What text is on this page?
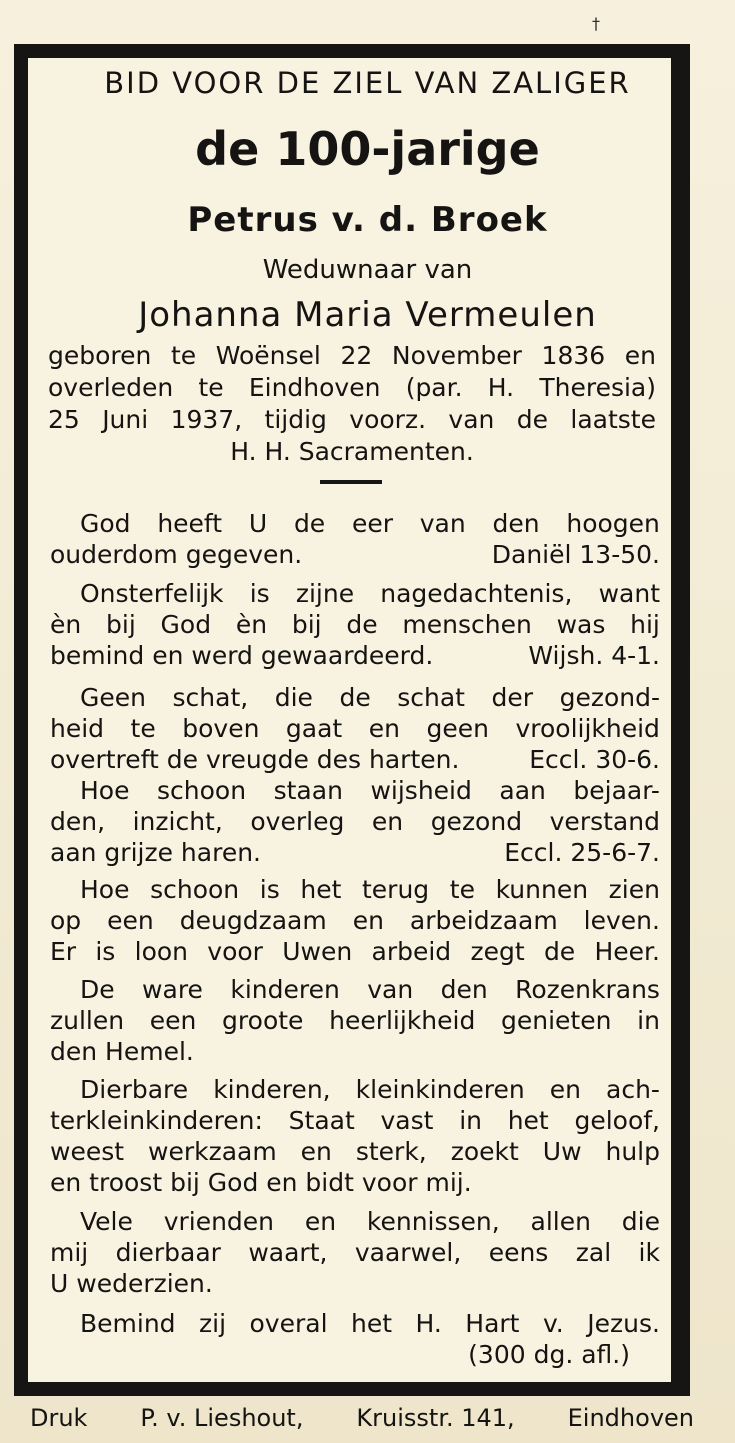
†
BID VOOR DE ZIEL VAN ZALIGER
de 100-jarige
Petrus v. d. Broek
Weduwnaar van
Johanna Maria Vermeulen
geboren te Woënsel 22 November 1836 en
overleden te Eindhoven (par. H. Theresia)
25 Juni 1937, tijdig voorz. van de laatste
H. H. Sacramenten.
God heeft U de eer van den hoogen
ouderdom gegeven.	Daniël 13-50.
Onsterfelijk is zijne nagedachtenis, want
èn bij God èn bij de menschen was hij
bemind en werd gewaardeerd.	Wijsh. 4-1.
Geen schat, die de schat der gezond-
heid te boven gaat en geen vroolijkheid
overtreft de vreugde des harten.	Eccl. 30-6.
Hoe schoon staan wijsheid aan bejaar-
den, inzicht, overleg en gezond verstand
aan grijze haren.	Eccl. 25-6-7.
Hoe schoon is het terug te kunnen zien
op een deugdzaam en arbeidzaam leven.
Er is loon voor Uwen arbeid zegt de Heer.
De ware kinderen van den Rozenkrans
zullen een groote heerlijkheid genieten in
den Hemel.
Dierbare kinderen, kleinkinderen en ach-
terkleinkinderen: Staat vast in het geloof,
weest werkzaam en sterk, zoekt Uw hulp
en troost bij God en bidt voor mij.
Vele vrienden en kennissen, allen die
mij dierbaar waart, vaarwel, eens zal ik
U wederzien.
Bemind zij overal het H. Hart v. Jezus.
(300 dg. afl.)
Druk P. v. Lieshout, Kruisstr. 141, Eindhoven
